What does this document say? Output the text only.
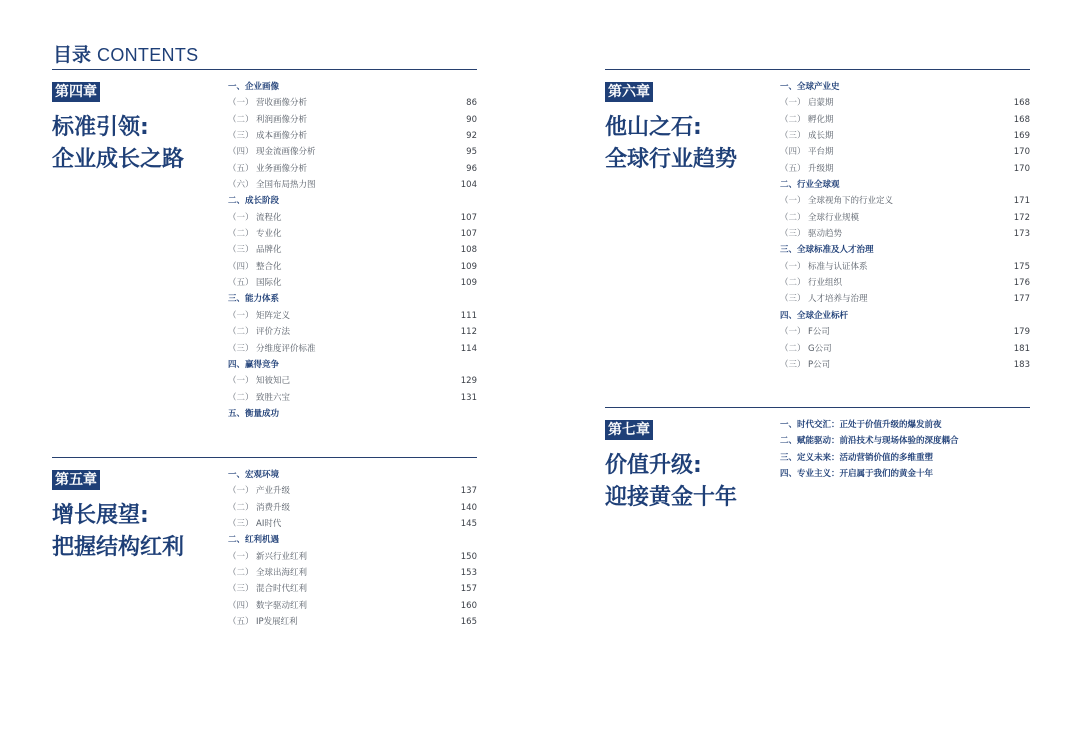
目录 CONTENTS
第四章
标准引领:
企业成长之路
一、企业画像
（一） 营收画像分析	86
（二） 利润画像分析	90
（三） 成本画像分析	92
（四） 现金流画像分析	95
（五） 业务画像分析	96
（六） 全国布局热力图	104
二、成长阶段
（一） 流程化	107
（二） 专业化	107
（三） 品牌化	108
（四） 整合化	109
（五） 国际化	109
三、能力体系
（一） 矩阵定义	111
（二） 评价方法	112
（三） 分维度评价标准	114
四、赢得竞争
（一） 知彼知己	129
（二） 致胜六宝	131
五、衡量成功
第五章
增长展望:
把握结构红利
一、宏观环境
（一） 产业升级	137
（二） 消费升级	140
（三） AI时代	145
二、红利机遇
（一） 新兴行业红利	150
（二） 全球出海红利	153
（三） 混合时代红利	157
（四） 数字驱动红利	160
（五） IP发展红利	165
第六章
他山之石:
全球行业趋势
一、全球产业史
（一） 启蒙期	168
（二） 孵化期	168
（三） 成长期	169
（四） 平台期	170
（五） 升级期	170
二、行业全球观
（一） 全球视角下的行业定义	171
（二） 全球行业规模	172
（三） 驱动趋势	173
三、全球标准及人才治理
（一） 标准与认证体系	175
（二） 行业组织	176
（三） 人才培养与治理	177
四、全球企业标杆
（一） F公司	179
（二） G公司	181
（三） P公司	183
第七章
价值升级:
迎接黄金十年
一、时代交汇：正处于价值升级的爆发前夜
二、赋能驱动：前沿技术与现场体验的深度耦合
三、定义未来：活动营销价值的多维重塑
四、专业主义：开启属于我们的黄金十年
